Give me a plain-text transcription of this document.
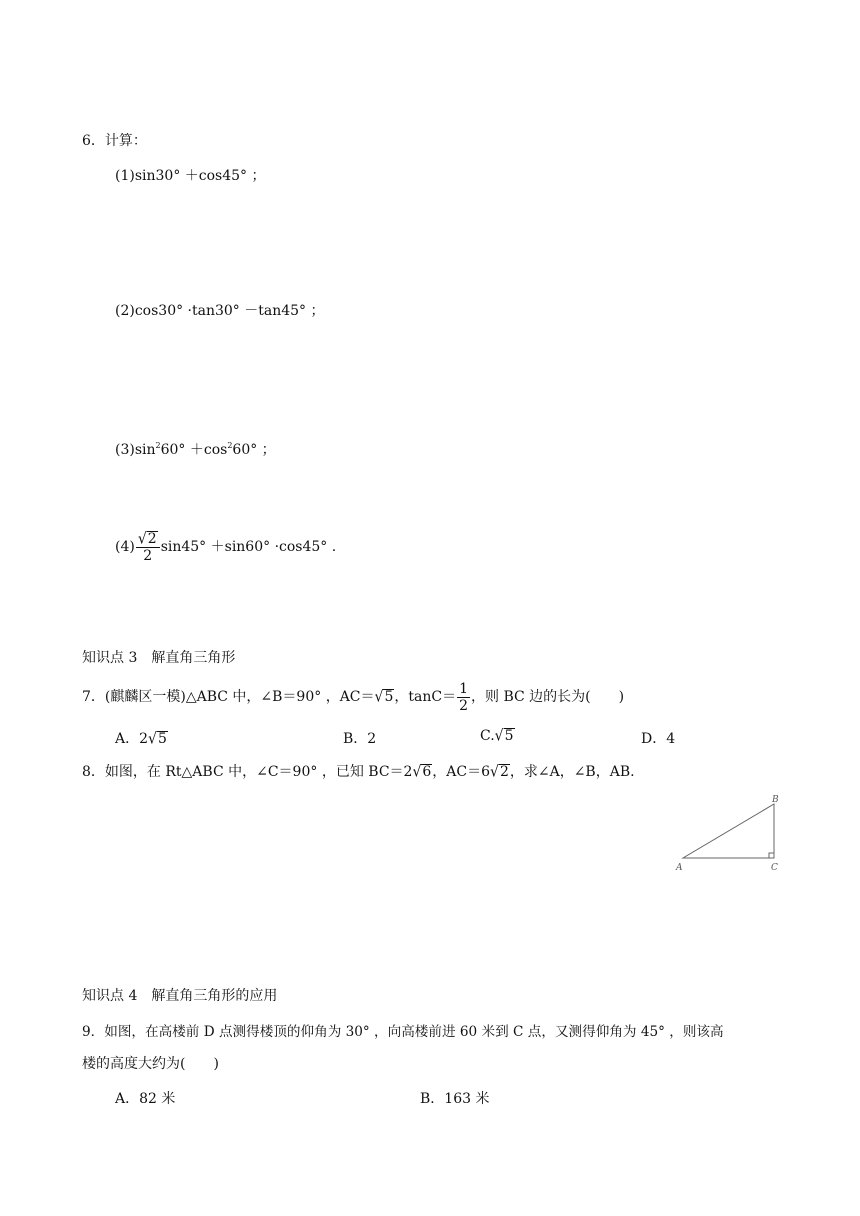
6．计算：
(1)sin30° ＋cos45° ；
(2)cos30° ·tan30° －tan45° ；
$(3)\sin^260^\circ +\cos^260^\circ$ ；
$(4) \frac{√2}{2} \sin 45^\circ +\sin 60^\circ \cdot\cos 45^\circ$ .
知识点 3　解直角三角形
7．(麒麟区一模)△ABC 中，∠B＝90° ，AC＝√5，$\tan C= \frac{1}{2}$ ，则 BC 边的长为(　　)
A．2√5	B．2	C.√5	D．4
8．如图，在 Rt△ABC 中，∠C＝90° ，已知 BC＝2√6，AC＝6√2，求∠A，∠B，AB.
A
B
C
知识点 4　解直角三角形的应用
9．如图，在高楼前 D 点测得楼顶的仰角为 30° ，向高楼前进 60 米到 C 点，又测得仰角为 45° ，则该高
楼的高度大约为(　　)
A．82 米	B．163 米
